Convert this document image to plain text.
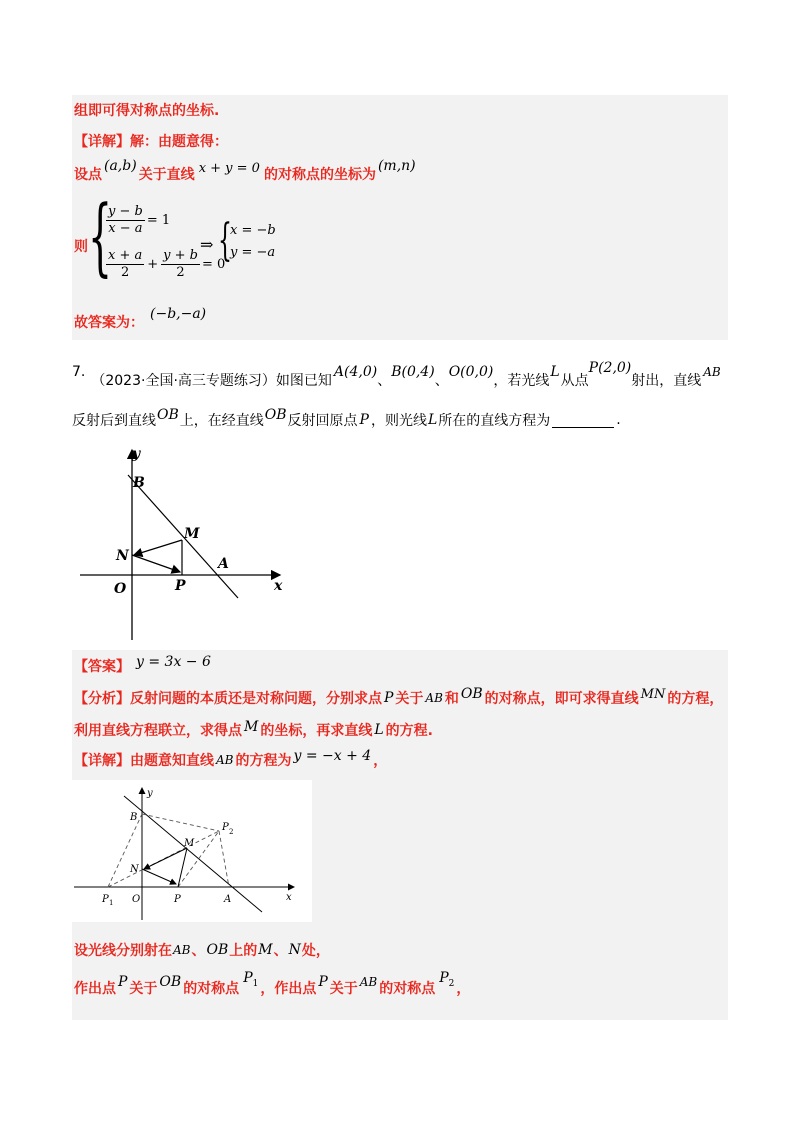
组即可得对称点的坐标.
【详解】解：由题意得：
设点
(a,b)
关于直线 x + y = 0 的对称点的坐标为
(m,n)
则 {
$\frac{y - b}{x - a} = 1$
$\frac{x + a}{2} + \frac{y + b}{2} = 0$
⇒ {
x = −b
y = −a
故答案为：
(−b,−a)
7.
（2023·全国·高三专题练习）如图已知
A(4,0)
、
B(0,4)
、
O(0,0)
，若光线
L
从点
P(2,0)
射出，直线
AB
反射后到直线 OB 上，在经直线 OB 反射回原点 P ，则光线 L 所在的直线方程为	.
y
x
B
M
N	A
O	P
【答案】 y = 3x − 6
【分析】 反射问题的本质还是对称问题，分别求点 P 关于 AB 和 OB 的对称点，即可求得直线 MN 的方程，
利用直线方程联立，求得点 M 的坐标，再求直线 L 的方程.
【详解】 由题意知直线 AB 的方程为 y = −x + 4 ，
y
x
B
P 2
M
N
P 1 O	P	A
设光线分别射在 AB 、 OB 上的 M 、 N 处，
作出点 P 关于 OB 的对称点
P 1 ，作出点 P 关于 AB 的对称点
P 2 ，
